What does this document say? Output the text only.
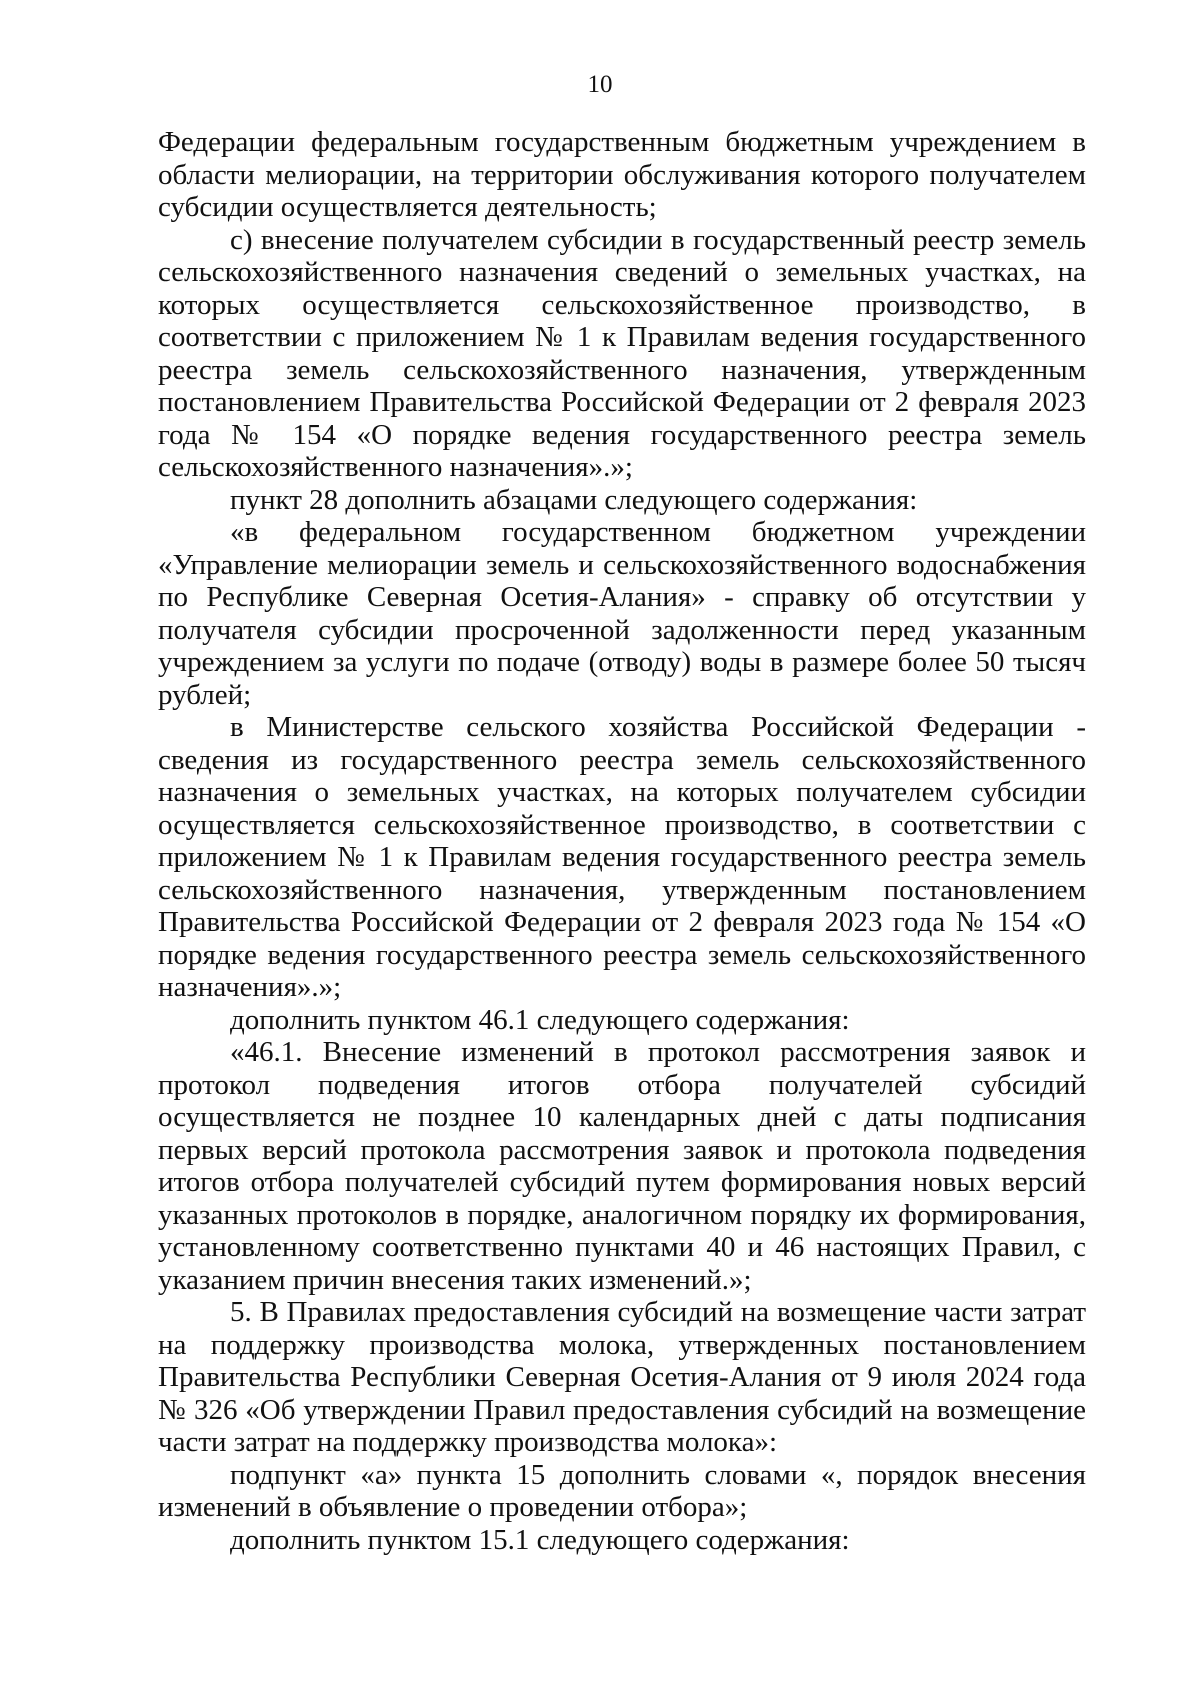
10

Федерации федеральным государственным бюджетным учреждением в области мелиорации, на территории обслуживания которого получателем субсидии осуществляется деятельность;

с) внесение получателем субсидии в государственный реестр земель сельскохозяйственного назначения сведений о земельных участках, на которых осуществляется сельскохозяйственное производство, в соответствии с приложением № 1 к Правилам ведения государственного реестра земель сельскохозяйственного назначения, утвержденным постановлением Правительства Российской Федерации от 2 февраля 2023 года № 154 «О порядке ведения государственного реестра земель сельскохозяйственного назначения».»;

пункт 28 дополнить абзацами следующего содержания:

«в федеральном государственном бюджетном учреждении «Управление мелиорации земель и сельскохозяйственного водоснабжения по Республике Северная Осетия-Алания» - справку об отсутствии у получателя субсидии просроченной задолженности перед указанным учреждением за услуги по подаче (отводу) воды в размере более 50 тысяч рублей;

в Министерстве сельского хозяйства Российской Федерации - сведения из государственного реестра земель сельскохозяйственного назначения о земельных участках, на которых получателем субсидии осуществляется сельскохозяйственное производство, в соответствии с приложением № 1 к Правилам ведения государственного реестра земель сельскохозяйственного назначения, утвержденным постановлением Правительства Российской Федерации от 2 февраля 2023 года № 154 «О порядке ведения государственного реестра земель сельскохозяйственного назначения».»;

дополнить пунктом 46.1 следующего содержания:

«46.1. Внесение изменений в протокол рассмотрения заявок и протокол подведения итогов отбора получателей субсидий осуществляется не позднее 10 календарных дней с даты подписания первых версий протокола рассмотрения заявок и протокола подведения итогов отбора получателей субсидий путем формирования новых версий указанных протоколов в порядке, аналогичном порядку их формирования, установленному соответственно пунктами 40 и 46 настоящих Правил, с указанием причин внесения таких изменений.»;

5. В Правилах предоставления субсидий на возмещение части затрат на поддержку производства молока, утвержденных постановлением Правительства Республики Северная Осетия-Алания от 9 июля 2024 года № 326 «Об утверждении Правил предоставления субсидий на возмещение части затрат на поддержку производства молока»:

подпункт «а» пункта 15 дополнить словами «, порядок внесения изменений в объявление о проведении отбора»;

дополнить пунктом 15.1 следующего содержания:
